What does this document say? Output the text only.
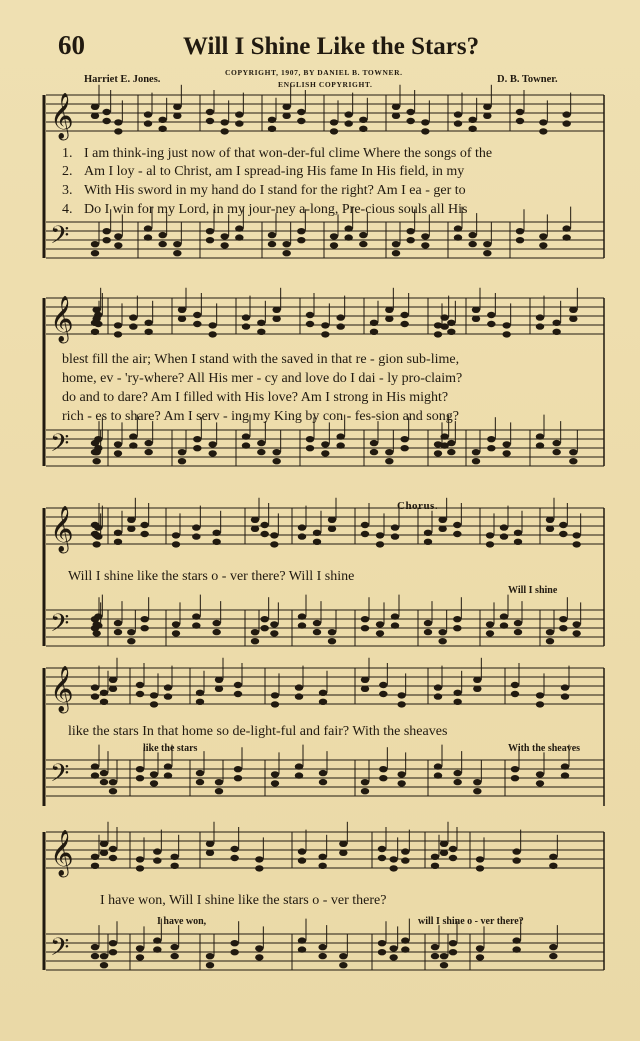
𝄞
𝄢
𝄞
𝄢
𝄞
𝄢
𝄞
𝄢
𝄞
𝄢
60	Will I Shine Like the Stars?
COPYRIGHT, 1907, BY DANIEL B. TOWNER.
ENGLISH COPYRIGHT.
Harriet E. Jones.	D. B. Towner.
1. I am think-ing just now of that won-der-ful clime Where the songs of the
2. Am I loy - al to Christ, am I spread-ing His fame In His field, in my
3. With His sword in my hand do I stand for the right? Am I ea - ger to
4. Do I win for my Lord, in my jour-ney a-long, Pre-cious souls all His
blest fill the air; When I stand with the saved in that re - gion sub-lime,
home, ev - 'ry-where? All His mer - cy and love do I dai - ly pro-claim?
do and to dare? Am I filled with His love? Am I strong in His might?
rich - es to share? Am I serv - ing my King by con - fes-sion and song?
Chorus.
Will I shine like the stars o - ver there? Will I shine
Will I shine
like the stars In that home so de-light-ful and fair? With the sheaves
like the stars	With the sheaves
I have won, Will I shine like the stars o - ver there?
I have won,	will I shine o - ver there?
